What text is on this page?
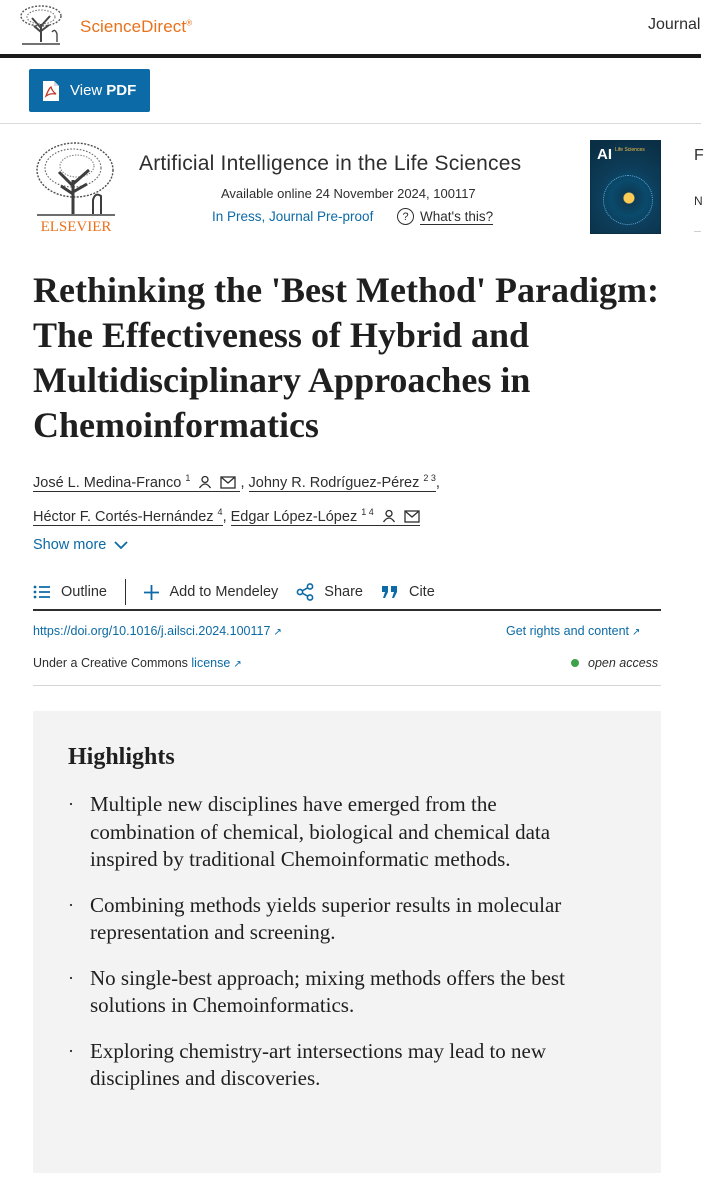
ScienceDirect®	Journal
View PDF
ELSEVIER
Artificial Intelligence in the Life Sciences
Available online 24 November 2024, 100117
In Press, Journal Pre-proof	? What's this?
AI Life Sciences	F
N
Rethinking the 'Best Method' Paradigm: The Effectiveness of Hybrid and Multidisciplinary Approaches in Chemoinformatics
José L. Medina-Franco $^1$	, Johny R. Rodríguez-Pérez $^{2 3}$,
Héctor F. Cortés-Hernández $^4$, Edgar López-López $^{1 4}$
Show more
Outline	Add to Mendeley	Share	Cite
https://doi.org/10.1016/j.ailsci.2024.100117 ↗	Get rights and content ↗
Under a Creative Commons license ↗	open access
Highlights
· Multiple new disciplines have emerged from the combination of chemical, biological and chemical data inspired by traditional Chemoinformatic methods.
· Combining methods yields superior results in molecular representation and screening.
· No single-best approach; mixing methods offers the best solutions in Chemoinformatics.
· Exploring chemistry-art intersections may lead to new disciplines and discoveries.
